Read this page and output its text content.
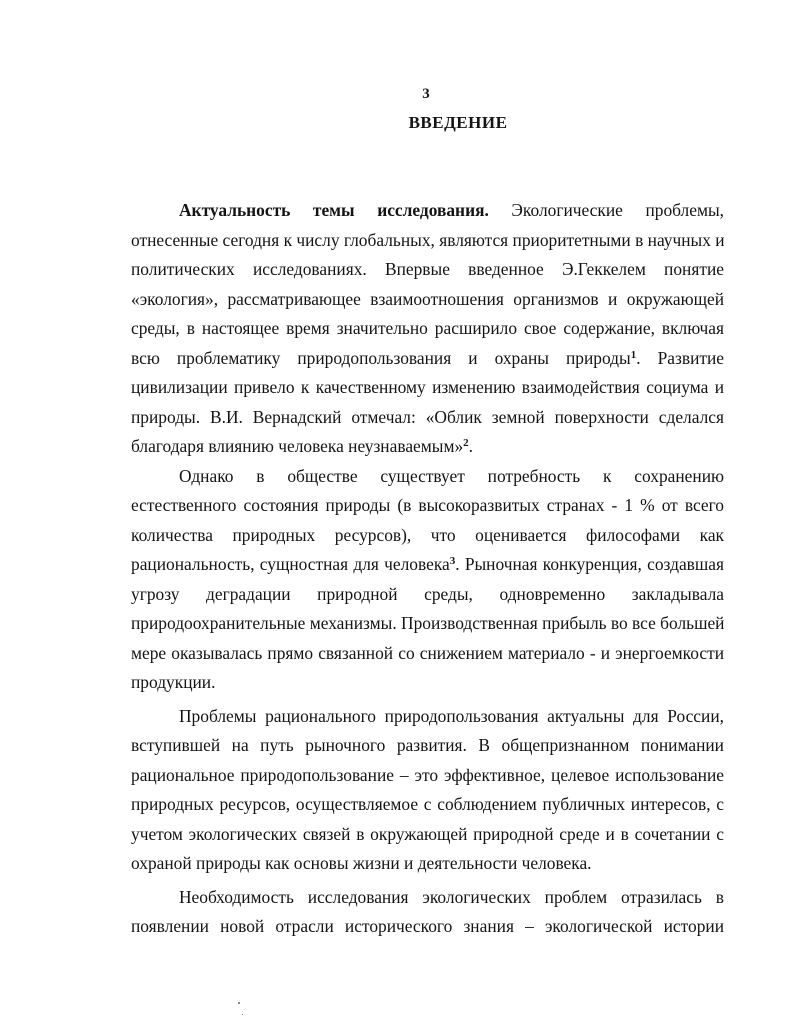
3
ВВЕДЕНИЕ
Актуальность темы исследования. Экологические проблемы,
отнесенные сегодня к числу глобальных, являются приоритетными в научных и
политических исследованиях. Впервые введенное Э.Геккелем понятие
«экология», рассматривающее взаимоотношения организмов и окружающей
среды, в настоящее время значительно расширило свое содержание, включая
всю проблематику природопользования и охраны природы$^1$. Развитие
цивилизации привело к качественному изменению взаимодействия социума и
природы. В.И. Вернадский отмечал: «Облик земной поверхности сделался
благодаря влиянию человека неузнаваемым»$^2$.
Однако в обществе существует потребность к сохранению
естественного состояния природы (в высокоразвитых странах - 1 % от всего
количества природных ресурсов), что оценивается философами как
рациональность, сущностная для человека$^3$. Рыночная конкуренция, создавшая
угрозу деградации природной среды, одновременно закладывала
природоохранительные механизмы. Производственная прибыль во все большей
мере оказывалась прямо связанной со снижением материало - и энергоемкости
продукции.
Проблемы рационального природопользования актуальны для России,
вступившей на путь рыночного развития. В общепризнанном понимании
рациональное природопользование – это эффективное, целевое использование
природных ресурсов, осуществляемое с соблюдением публичных интересов, с
учетом экологических связей в окружающей природной среде и в сочетании с
охраной природы как основы жизни и деятельности человека.
Необходимость исследования экологических проблем отразилась в
появлении новой отрасли исторического знания – экологической истории
